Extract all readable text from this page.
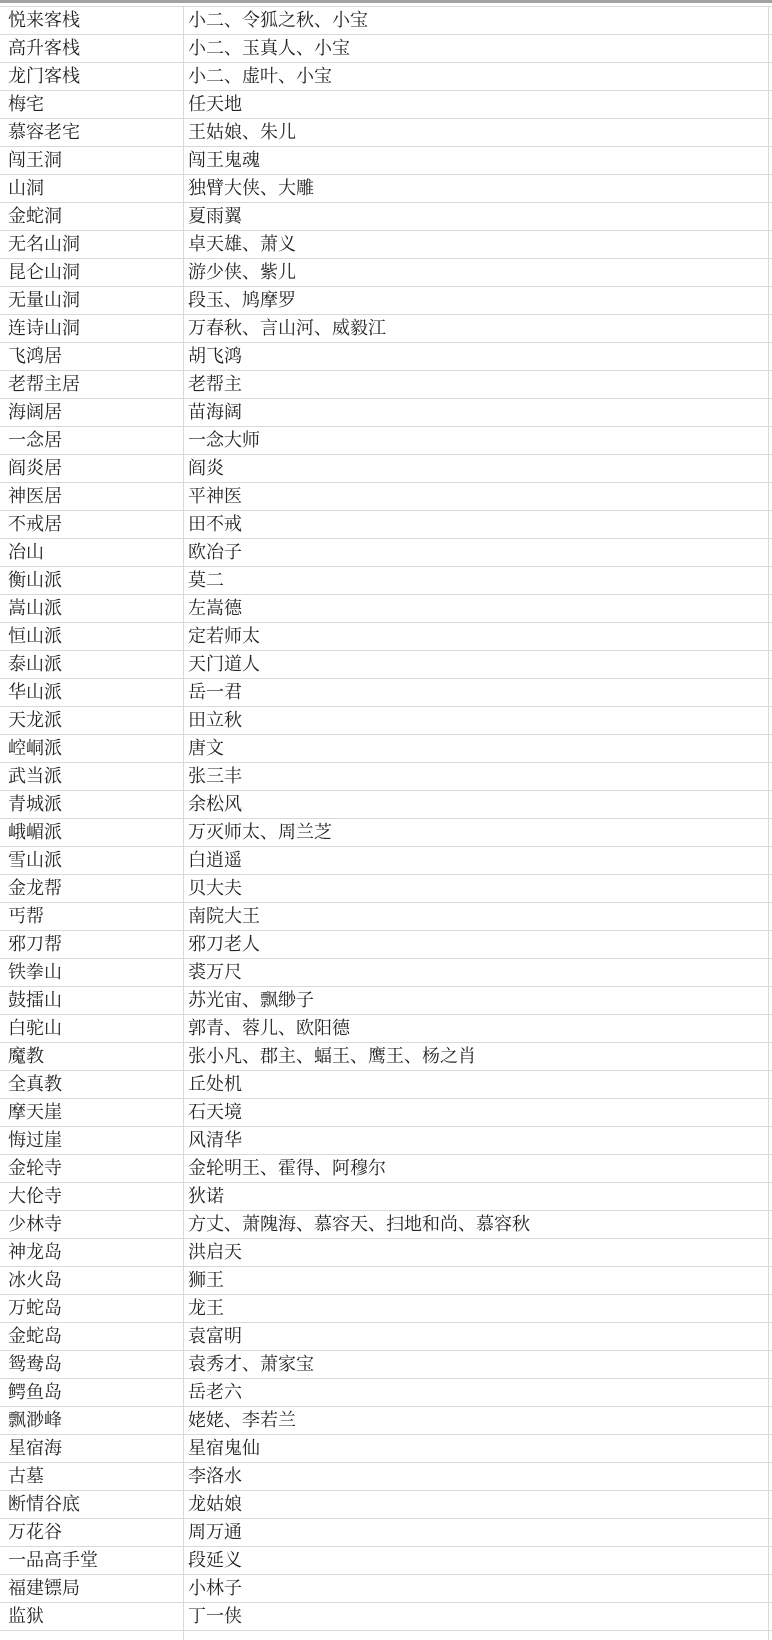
悦来客栈	小二、令狐之秋、小宝
高升客栈	小二、玉真人、小宝
龙门客栈	小二、虚叶、小宝
梅宅	任天地
慕容老宅	王姑娘、朱儿
闯王洞	闯王鬼魂
山洞	独臂大侠、大雕
金蛇洞	夏雨翼
无名山洞	卓天雄、萧义
昆仑山洞	游少侠、紫儿
无量山洞	段玉、鸠摩罗
连诗山洞	万春秋、言山河、威毅江
飞鸿居	胡飞鸿
老帮主居	老帮主
海阔居	苗海阔
一念居	一念大师
阎炎居	阎炎
神医居	平神医
不戒居	田不戒
冶山	欧冶子
衡山派	莫二
嵩山派	左嵩德
恒山派	定若师太
泰山派	天门道人
华山派	岳一君
天龙派	田立秋
崆峒派	唐文
武当派	张三丰
青城派	余松风
峨嵋派	万灭师太、周兰芝
雪山派	白逍遥
金龙帮	贝大夫
丐帮	南院大王
邪刀帮	邪刀老人
铁拳山	裘万尺
鼓擂山	苏光宙、飘缈子
白驼山	郭青、蓉儿、欧阳德
魔教	张小凡、郡主、蝠王、鹰王、杨之肖
全真教	丘处机
摩天崖	石天境
悔过崖	风清华
金轮寺	金轮明王、霍得、阿穆尔
大伦寺	狄诺
少林寺	方丈、萧隗海、慕容天、扫地和尚、慕容秋
神龙岛	洪启天
冰火岛	狮王
万蛇岛	龙王
金蛇岛	袁富明
鸳鸯岛	袁秀才、萧家宝
鳄鱼岛	岳老六
飘渺峰	姥姥、李若兰
星宿海	星宿鬼仙
古墓	李洛水
断情谷底	龙姑娘
万花谷	周万通
一品高手堂	段延义
福建镖局	小林子
监狱	丁一侠
